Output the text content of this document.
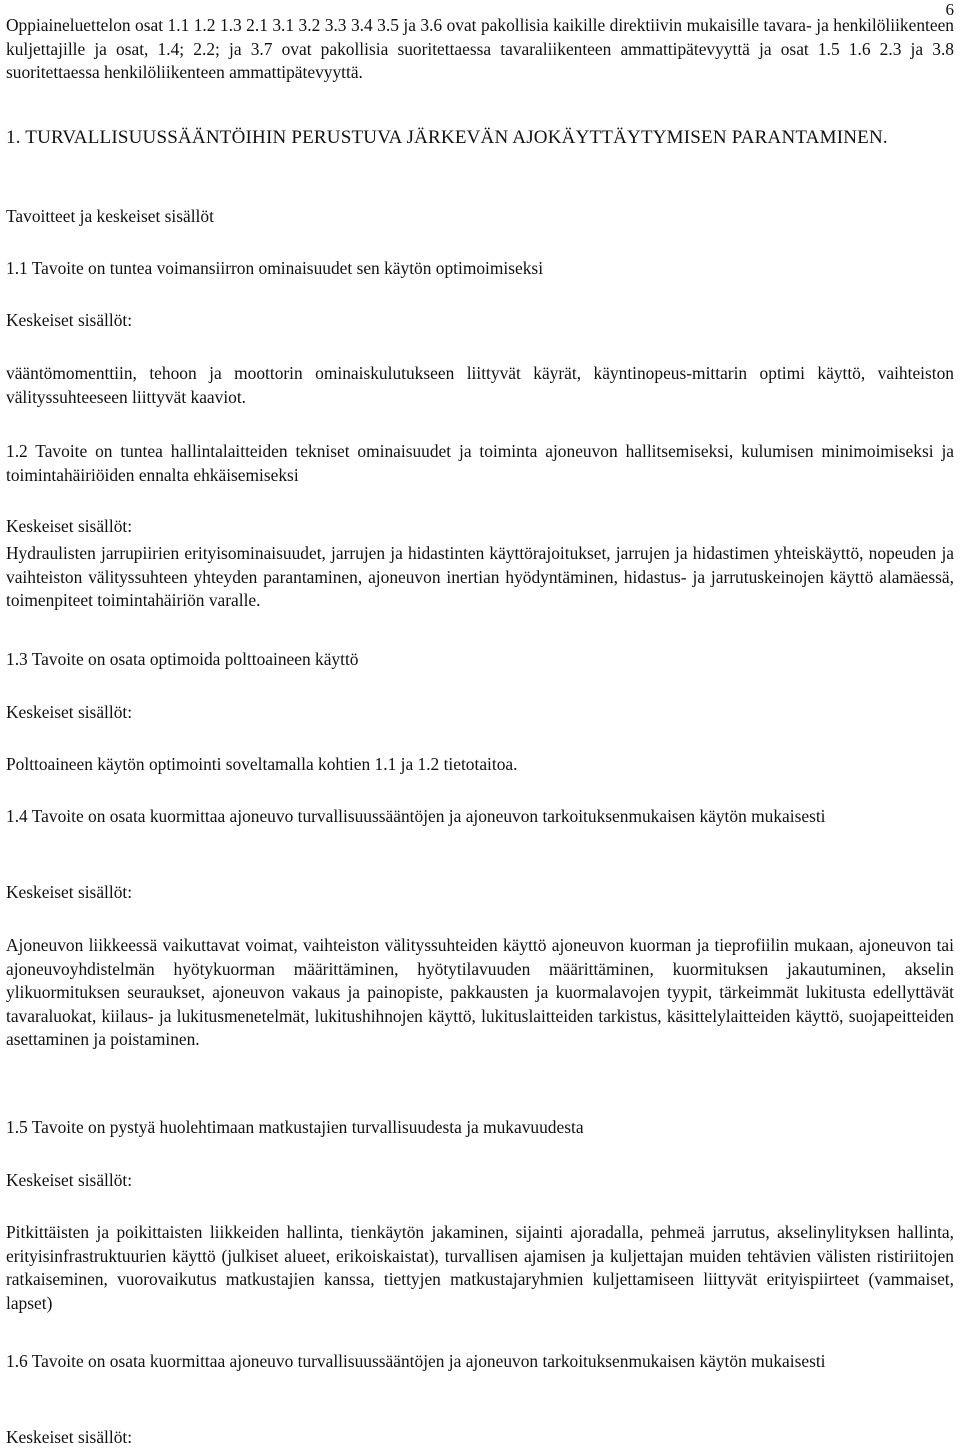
6

Oppiaineluettelon osat 1.1 1.2 1.3 2.1 3.1 3.2 3.3 3.4 3.5 ja 3.6 ovat pakollisia kaikille direktiivin mukaisille tavara- ja henkilöliikenteen kuljettajille ja osat, 1.4; 2.2; ja 3.7 ovat pakollisia suoritettaessa tavaraliikenteen ammattipätevyyttä ja osat 1.5 1.6 2.3 ja 3.8 suoritettaessa henkilöliikenteen ammattipätevyyttä.

1. TURVALLISUUSSÄÄNTÖIHIN PERUSTUVA JÄRKEVÄN AJOKÄYTTÄYTYMISEN PARANTAMINEN.
Tavoitteet ja keskeiset sisällöt
1.1 Tavoite on tuntea voimansiirron ominaisuudet sen käytön optimoimiseksi
Keskeiset sisällöt:

vääntömomenttiin, tehoon ja moottorin ominaiskulutukseen liittyvät käyrät, käyntinopeus-mittarin optimi käyttö, vaihteiston välityssuhteeseen liittyvät kaaviot.

1.2 Tavoite on tuntea hallintalaitteiden tekniset ominaisuudet ja toiminta ajoneuvon hallitsemiseksi, kulumisen minimoimiseksi ja toimintahäiriöiden ennalta ehkäisemiseksi

Keskeiset sisällöt:

Hydraulisten jarrupiirien erityisominaisuudet, jarrujen ja hidastinten käyttörajoitukset, jarrujen ja hidastimen yhteiskäyttö, nopeuden ja vaihteiston välityssuhteen yhteyden parantaminen, ajoneuvon inertian hyödyntäminen, hidastus- ja jarrutuskeinojen käyttö alamäessä, toimenpiteet toimintahäiriön varalle.

1.3 Tavoite on osata optimoida polttoaineen käyttö
Keskeiset sisällöt:
Polttoaineen käytön optimointi soveltamalla kohtien 1.1 ja 1.2 tietotaitoa.

1.4 Tavoite on osata kuormittaa ajoneuvo turvallisuussääntöjen ja ajoneuvon tarkoituksenmukaisen käytön mukaisesti

Keskeiset sisällöt:

Ajoneuvon liikkeessä vaikuttavat voimat, vaihteiston välityssuhteiden käyttö ajoneuvon kuorman ja tieprofiilin mukaan, ajoneuvon tai ajoneuvoyhdistelmän hyötykuorman määrittäminen, hyötytilavuuden määrittäminen, kuormituksen jakautuminen, akselin ylikuormituksen seuraukset, ajoneuvon vakaus ja painopiste, pakkausten ja kuormalavojen tyypit, tärkeimmät lukitusta edellyttävät tavaraluokat, kiilaus- ja lukitusmenetelmät, lukitushihnojen käyttö, lukituslaitteiden tarkistus, käsittelylaitteiden käyttö, suojapeitteiden asettaminen ja poistaminen.

1.5 Tavoite on pystyä huolehtimaan matkustajien turvallisuudesta ja mukavuudesta
Keskeiset sisällöt:

Pitkittäisten ja poikittaisten liikkeiden hallinta, tienkäytön jakaminen, sijainti ajoradalla, pehmeä jarrutus, akselinylityksen hallinta, erityisinfrastruktuurien käyttö (julkiset alueet, erikoiskaistat), turvallisen ajamisen ja kuljettajan muiden tehtävien välisten ristiriitojen ratkaiseminen, vuorovaikutus matkustajien kanssa, tiettyjen matkustajaryhmien kuljettamiseen liittyvät erityispiirteet (vammaiset, lapset)

1.6 Tavoite on osata kuormittaa ajoneuvo turvallisuussääntöjen ja ajoneuvon tarkoituksenmukaisen käytön mukaisesti

Keskeiset sisällöt:
